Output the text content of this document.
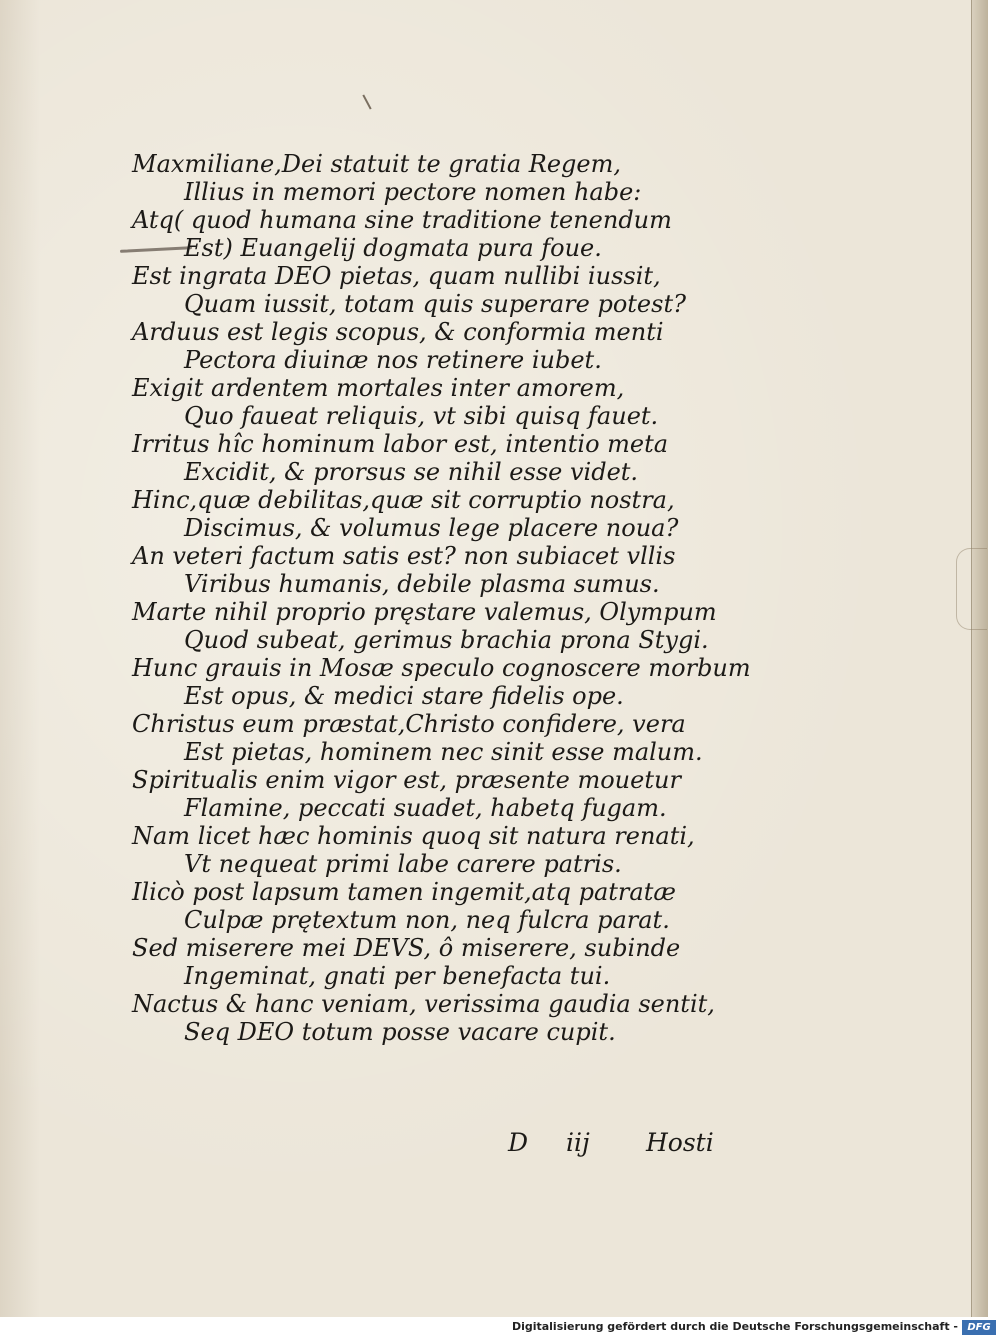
Maxmiliane,Dei statuit te gratia Regem,
Illius in memori pectore nomen habe:
Atq( quod humana sine traditione tenendum
Est) Euangelij dogmata pura foue.
Est ingrata DEO pietas, quam nullibi iussit,
Quam iussit, totam quis superare potest?
Arduus est legis scopus, & conformia menti
Pectora diuinæ nos retinere iubet.
Exigit ardentem mortales inter amorem,
Quo faueat reliquis, vt sibi quisq fauet.
Irritus hîc hominum labor est, intentio meta
Excidit, & prorsus se nihil esse videt.
Hinc,quæ debilitas,quæ sit corruptio nostra,
Discimus, & volumus lege placere noua?
An veteri factum satis est? non subiacet vllis
Viribus humanis, debile plasma sumus.
Marte nihil proprio pręstare valemus, Olympum
Quod subeat, gerimus brachia prona Stygi.
Hunc grauis in Mosæ speculo cognoscere morbum
Est opus, & medici stare fidelis ope.
Christus eum præstat,Christo confidere, vera
Est pietas, hominem nec sinit esse malum.
Spiritualis enim vigor est, præsente mouetur
Flamine, peccati suadet, habetq fugam.
Nam licet hæc hominis quoq sit natura renati,
Vt nequeat primi labe carere patris.
Ilicò post lapsum tamen ingemit,atq patratæ
Culpæ prętextum non, neq fulcra parat.
Sed miserere mei DEVS, ô miserere, subinde
Ingeminat, gnati per benefacta tui.
Nactus & hanc veniam, verissima gaudia sentit,
Seq DEO totum posse vacare cupit.
D iij Hosti
Digitalisierung gefördert durch die Deutsche Forschungsgemeinschaft - DFG
